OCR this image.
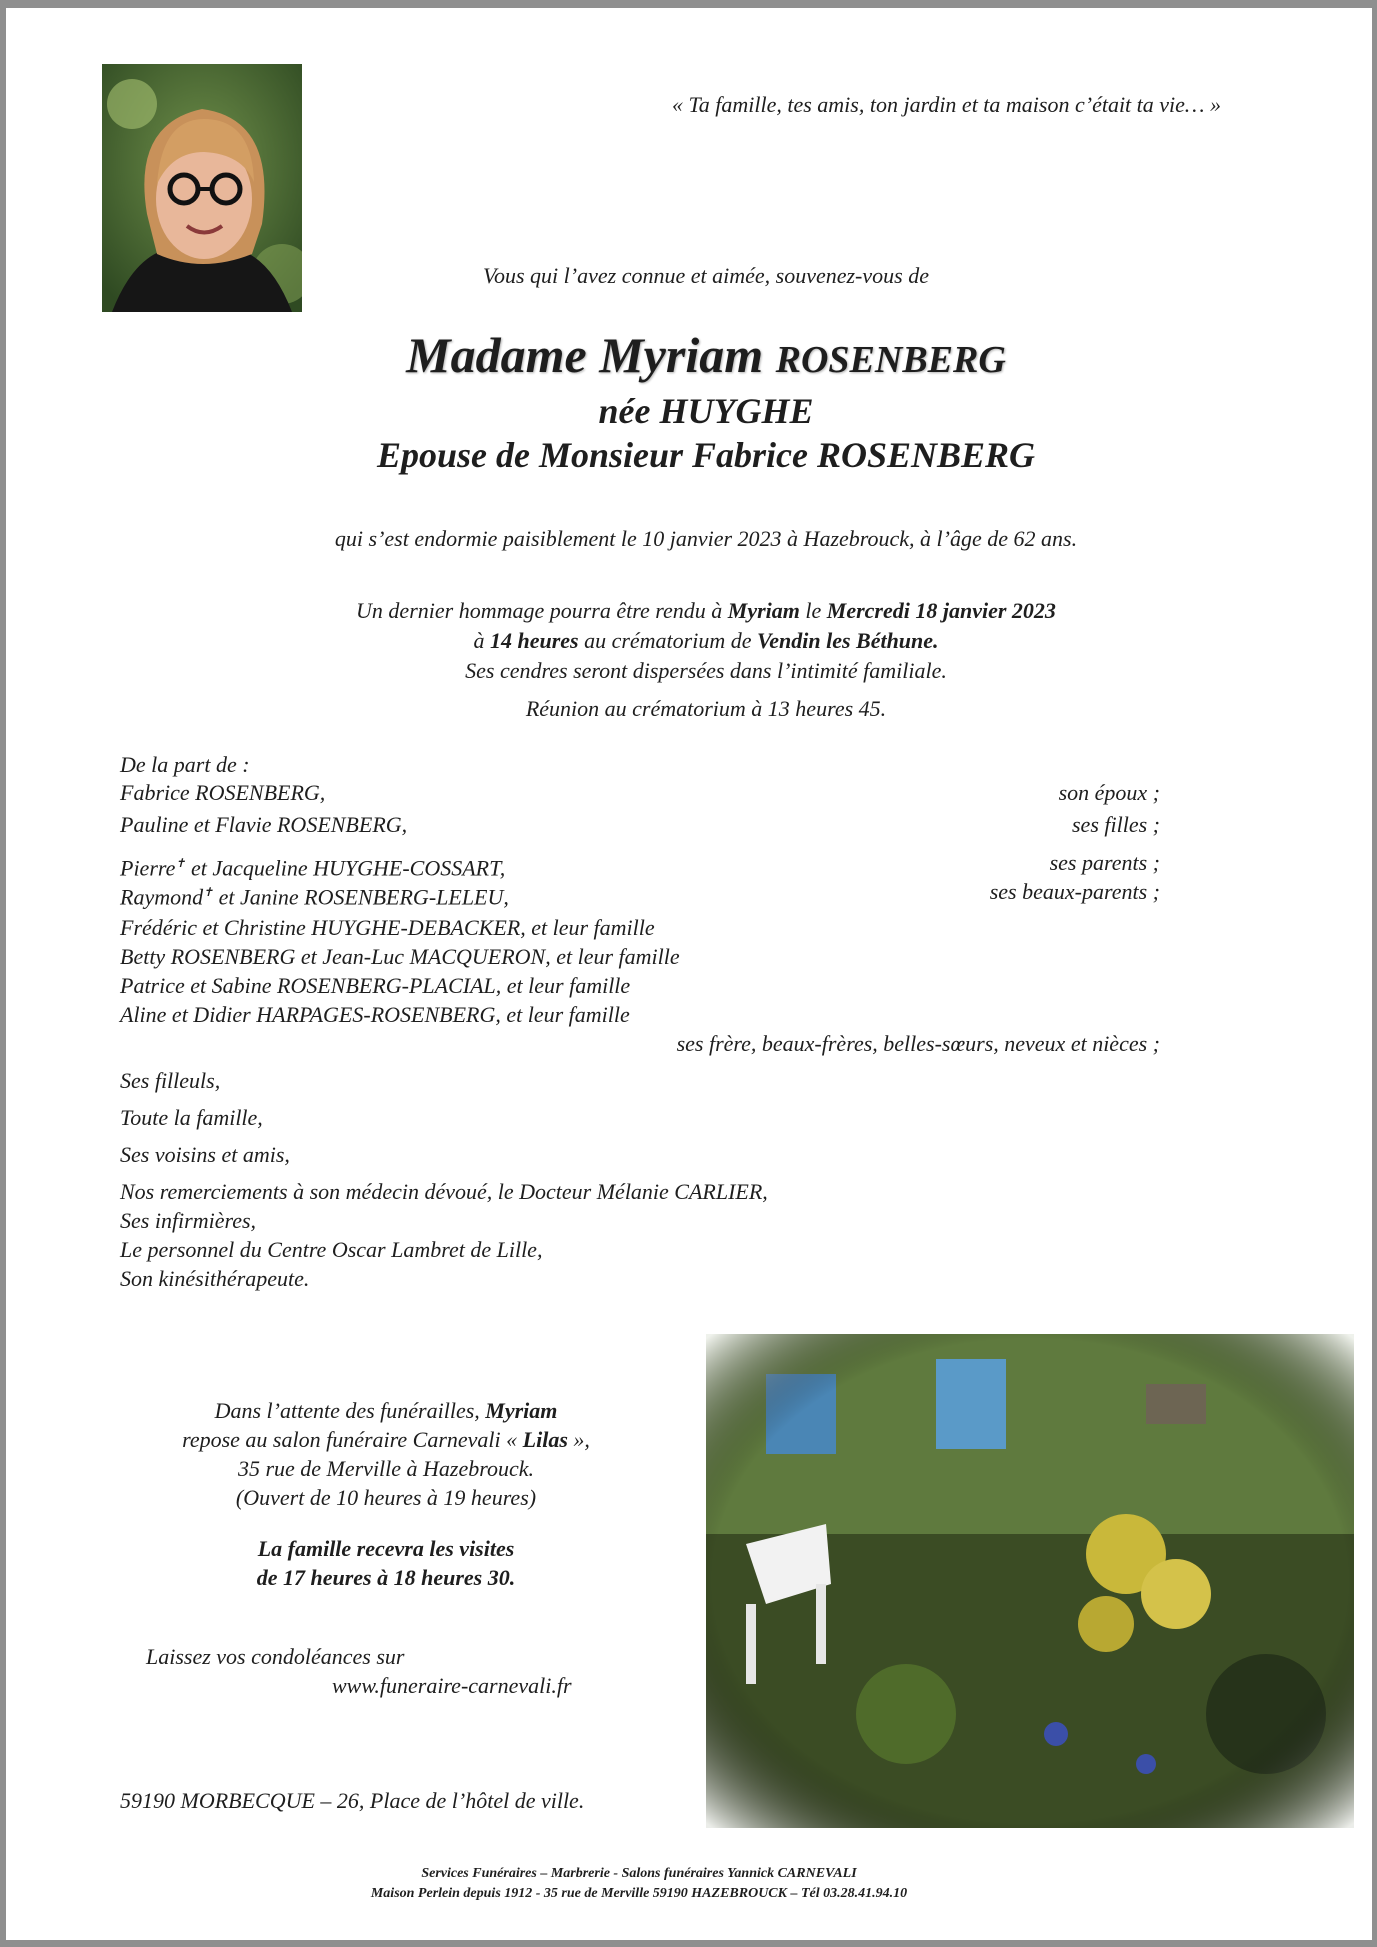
« Ta famille, tes amis, ton jardin et ta maison c’était ta vie… »
Vous qui l’avez connue et aimée, souvenez-vous de
Madame Myriam ROSENBERG
née HUYGHE
Epouse de Monsieur Fabrice ROSENBERG
qui s’est endormie paisiblement le 10 janvier 2023 à Hazebrouck, à l’âge de 62 ans.
Un dernier hommage pourra être rendu à Myriam le Mercredi 18 janvier 2023
à 14 heures au crématorium de Vendin les Béthune.
Ses cendres seront dispersées dans l’intimité familiale.
Réunion au crématorium à 13 heures 45.
De la part de :
Fabrice ROSENBERG,	son époux ;
Pauline et Flavie ROSENBERG,	ses filles ;
Pierre✝ et Jacqueline HUYGHE-COSSART,	ses parents ;
Raymond✝ et Janine ROSENBERG-LELEU,	ses beaux-parents ;
Frédéric et Christine HUYGHE-DEBACKER, et leur famille
Betty ROSENBERG et Jean-Luc MACQUERON, et leur famille
Patrice et Sabine ROSENBERG-PLACIAL, et leur famille
Aline et Didier HARPAGES-ROSENBERG, et leur famille
ses frère, beaux-frères, belles-sœurs, neveux et nièces ;
Ses filleuls,
Toute la famille,
Ses voisins et amis,
Nos remerciements à son médecin dévoué, le Docteur Mélanie CARLIER,
Ses infirmières,
Le personnel du Centre Oscar Lambret de Lille,
Son kinésithérapeute.
Dans l’attente des funérailles, Myriam
repose au salon funéraire Carnevali « Lilas »,
35 rue de Merville à Hazebrouck.
(Ouvert de 10 heures à 19 heures)
La famille recevra les visites
de 17 heures à 18 heures 30.
Laissez vos condoléances sur
www.funeraire-carnevali.fr
59190 MORBECQUE – 26, Place de l’hôtel de ville.
Services Funéraires – Marbrerie - Salons funéraires Yannick CARNEVALI
Maison Perlein depuis 1912 - 35 rue de Merville 59190 HAZEBROUCK – Tél 03.28.41.94.10
